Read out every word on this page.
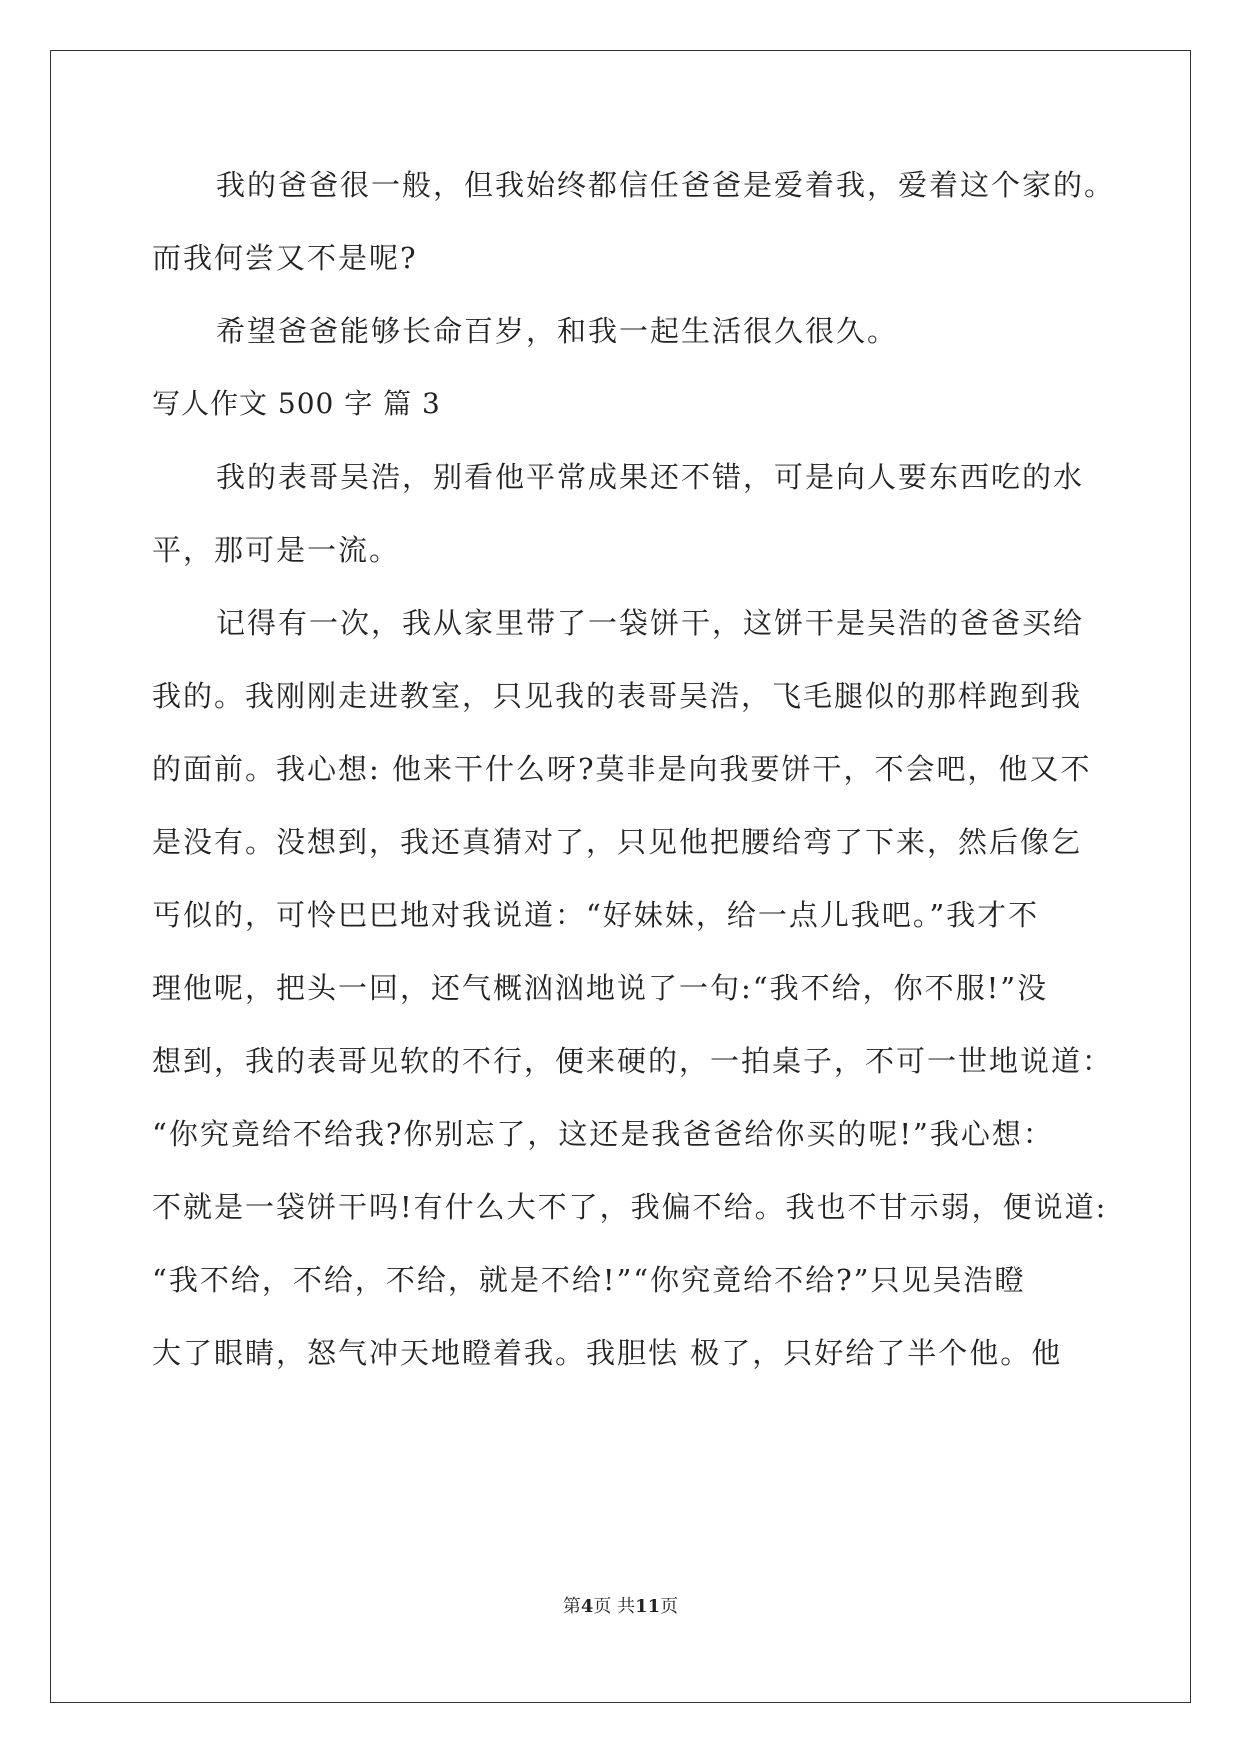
我的爸爸很一般，但我始终都信任爸爸是爱着我，爱着这个家的。
而我何尝又不是呢?
希望爸爸能够长命百岁，和我一起生活很久很久。
写人作文 500 字 篇 3
我的表哥吴浩，别看他平常成果还不错，可是向人要东西吃的水
平，那可是一流。
记得有一次，我从家里带了一袋饼干，这饼干是吴浩的爸爸买给
我的。我刚刚走进教室，只见我的表哥吴浩，飞毛腿似的那样跑到我
的面前。我心想: 他来干什么呀?莫非是向我要饼干，不会吧，他又不
是没有。没想到，我还真猜对了，只见他把腰给弯了下来，然后像乞
丐似的，可怜巴巴地对我说道：“好妹妹，给一点儿我吧。”我才不
理他呢，把头一回，还气概汹汹地说了一句:“我不给，你不服!”没
想到，我的表哥见软的不行，便来硬的，一拍桌子，不可一世地说道：
“你究竟给不给我?你别忘了，这还是我爸爸给你买的呢!”我心想：
不就是一袋饼干吗!有什么大不了，我偏不给。我也不甘示弱，便说道:
“我不给，不给，不给，就是不给!”“你究竟给不给?”只见吴浩瞪
大了眼睛，怒气冲天地瞪着我。我胆怯 极了，只好给了半个他。他
第4页 共11页
